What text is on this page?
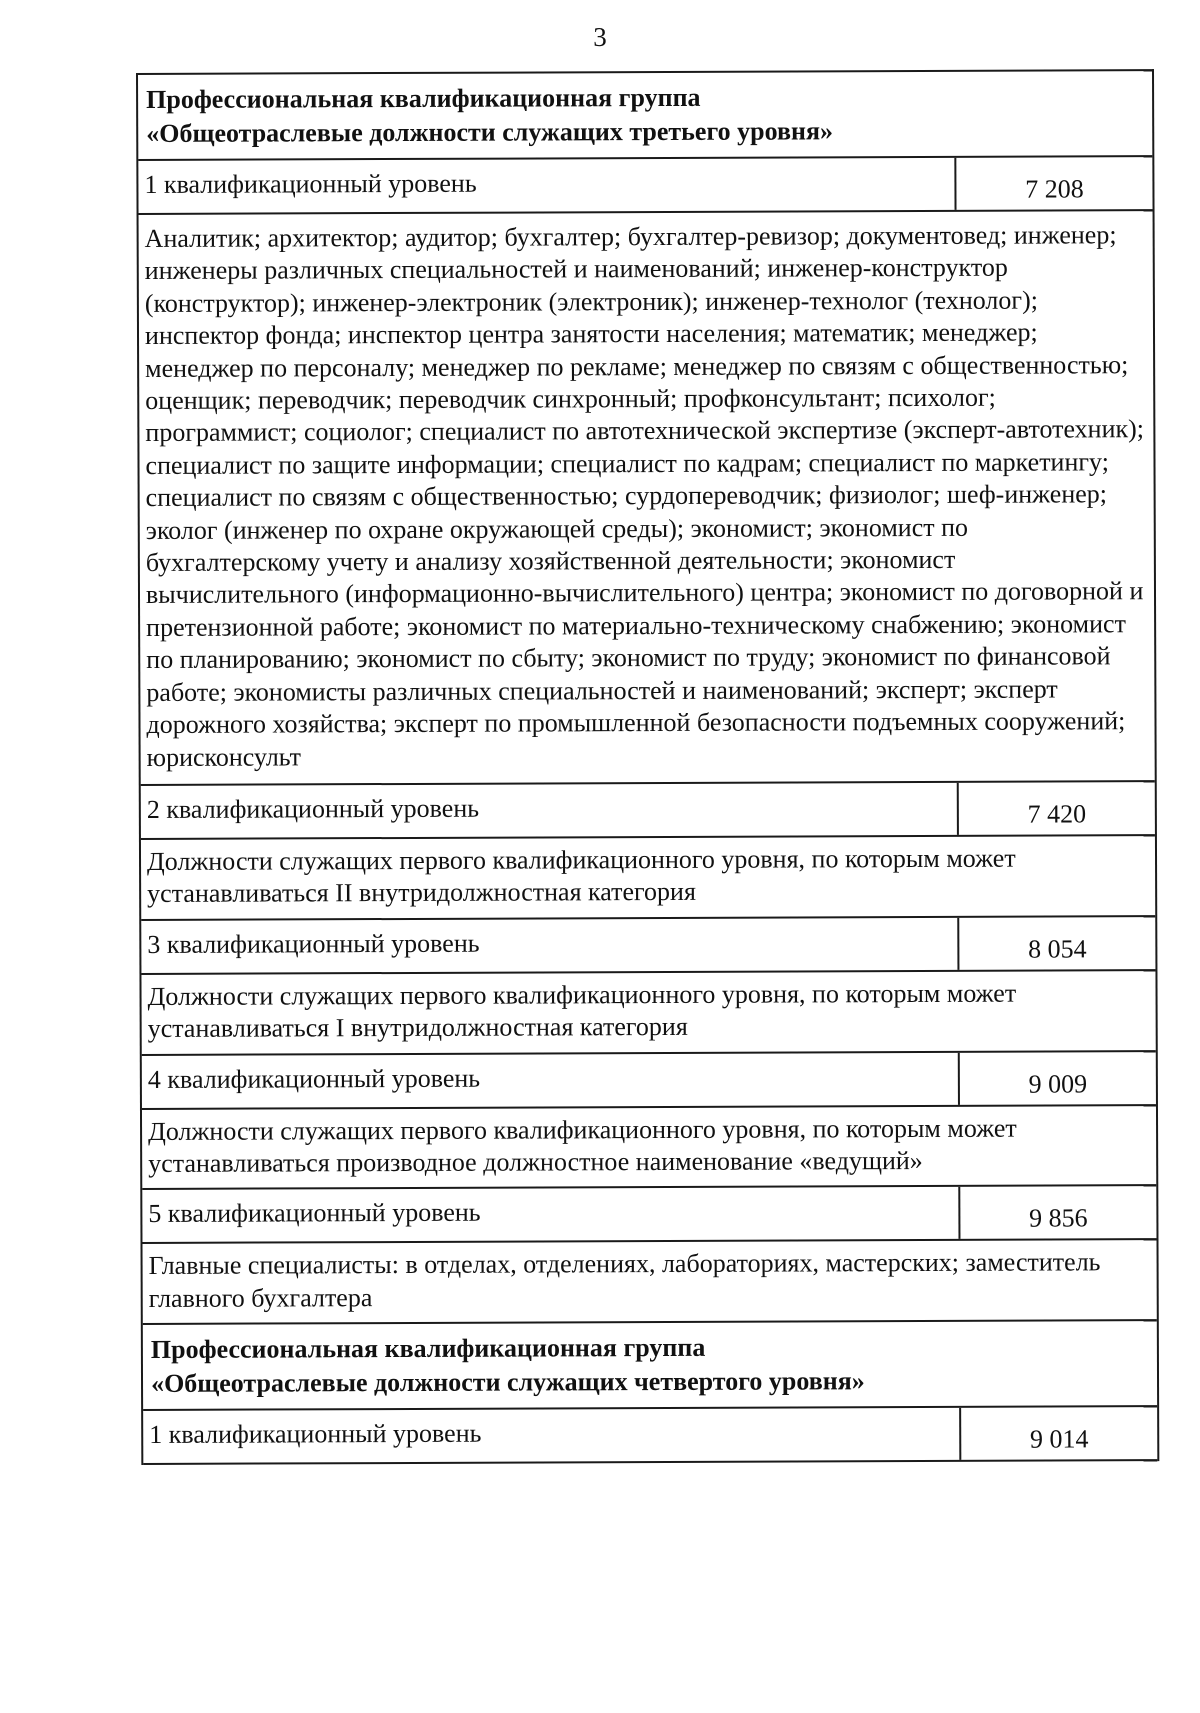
3
Профессиональная квалификационная группа
«Общеотраслевые должности служащих третьего уровня»
1 квалификационный уровень	7 208
Аналитик; архитектор; аудитор; бухгалтер; бухгалтер-ревизор; документовед; инженер; инженеры различных специальностей и наименований; инженер-конструктор (конструктор); инженер-электроник (электроник); инженер-технолог (технолог); инспектор фонда; инспектор центра занятости населения; математик; менеджер; менеджер по персоналу; менеджер по рекламе; менеджер по связям с общественностью; оценщик; переводчик; переводчик синхронный; профконсультант; психолог; программист; социолог; специалист по автотехнической экспертизе (эксперт-автотехник); специалист по защите информации; специалист по кадрам; специалист по маркетингу; специалист по связям с общественностью; сурдопереводчик; физиолог; шеф-инженер; эколог (инженер по охране окружающей среды); экономист; экономист по бухгалтерскому учету и анализу хозяйственной деятельности; экономист вычислительного (информационно-вычислительного) центра; экономист по договорной и претензионной работе; экономист по материально-техническому снабжению; экономист по планированию; экономист по сбыту; экономист по труду; экономист по финансовой работе; экономисты различных специальностей и наименований; эксперт; эксперт дорожного хозяйства; эксперт по промышленной безопасности подъемных сооружений; юрисконсульт
2 квалификационный уровень	7 420
Должности служащих первого квалификационного уровня, по которым может устанавливаться II внутридолжностная категория
3 квалификационный уровень	8 054
Должности служащих первого квалификационного уровня, по которым может устанавливаться I внутридолжностная категория
4 квалификационный уровень	9 009
Должности служащих первого квалификационного уровня, по которым может устанавливаться производное должностное наименование «ведущий»
5 квалификационный уровень	9 856
Главные специалисты: в отделах, отделениях, лабораториях, мастерских; заместитель главного бухгалтера
Профессиональная квалификационная группа
«Общеотраслевые должности служащих четвертого уровня»
1 квалификационный уровень	9 014
